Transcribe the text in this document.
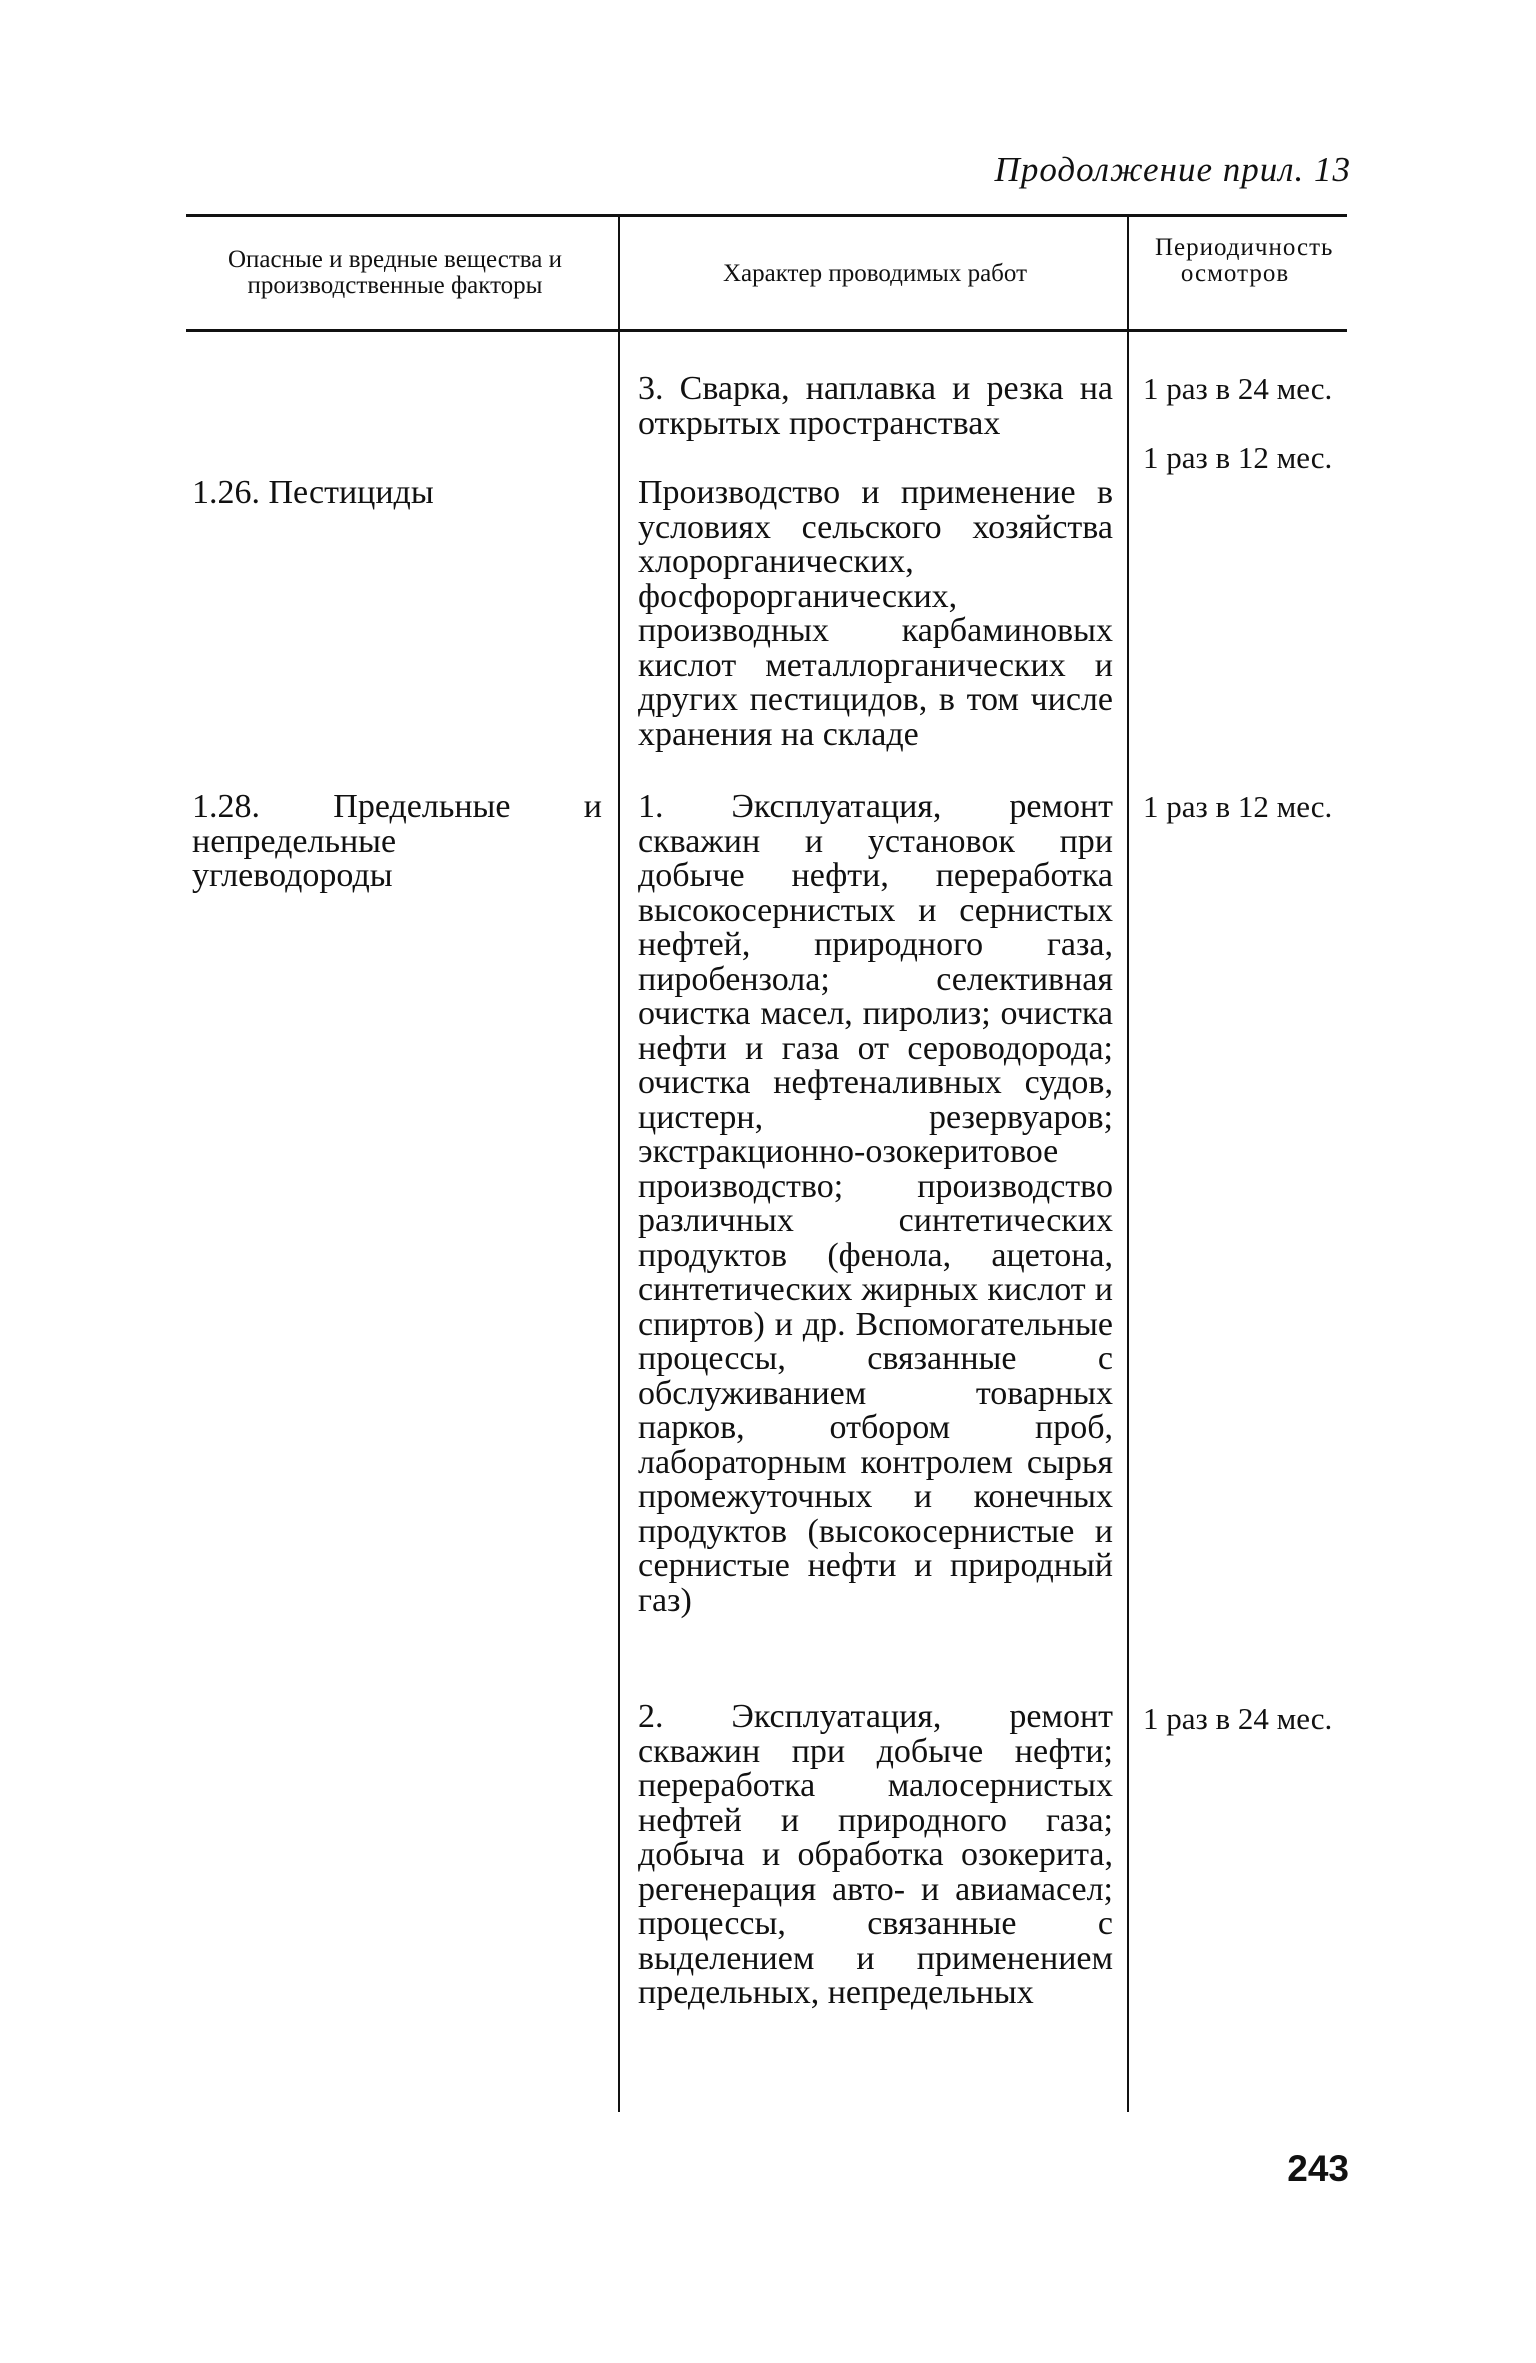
Продолжение прил. 13
Опасные и вредные вещества и производственные факторы	Характер проводимых работ
Периодичность осмотров
3. Сварка, наплавка и резка на открытых пространствах
1 раз в 24 мес.
1.26. Пестициды	Производство и применение в условиях сельского хозяйства хлорорганических, фосфорорганических, производных карбаминовых кислот металлорганических и других пестицидов, в том числе хранения на складе
1 раз в 12 мес.
1.28. Предельные и непредельные углеводороды
1. Эксплуатация, ремонт скважин и установок при добыче нефти, переработка высокосернистых и сернистых нефтей, природного газа, пиробензола; селективная очистка масел, пиролиз; очистка нефти и газа от сероводорода; очистка нефтеналивных судов, цистерн, резервуаров; экстракционно-озокеритовое производство; производство различных синтетических продуктов (фенола, ацетона, синтетических жирных кислот и спиртов) и др. Вспомогательные процессы, связанные с обслуживанием товарных парков, отбором проб, лабораторным контролем сырья промежуточных и конечных продуктов (высокосернистые и сернистые нефти и природный газ)
1 раз в 12 мес.
2. Эксплуатация, ремонт скважин при добыче нефти; переработка малосернистых нефтей и природного газа; добыча и обработка озокерита, регенерация авто- и авиамасел; процессы, связанные с выделением и применением предельных, непредельных
1 раз в 24 мес.
243
